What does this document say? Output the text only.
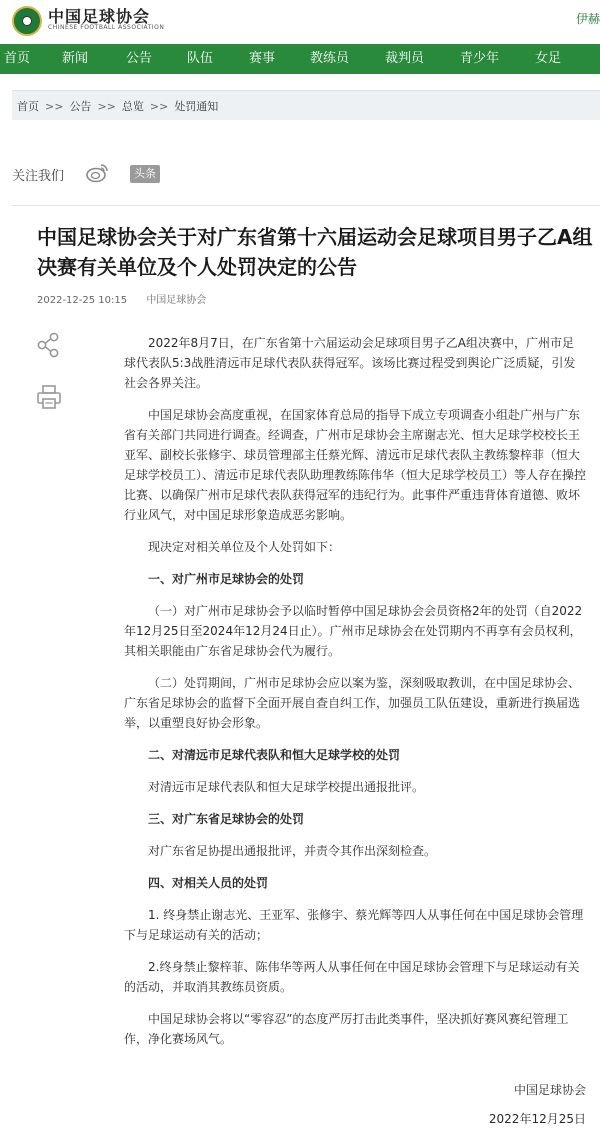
中国足球协会
CHINESE FOOTBALL ASSOCIATION
伊赫
首页 新闻	公告	队伍	赛事	教练员	裁判员	青少年	女足
首页 >> 公告 >> 总览 >> 处罚通知
关注我们	头条
中国足球协会关于对广东省第十六届运动会足球项目男子乙A组决赛有关单位及个人处罚决定的公告
2022-12-25 10:15 中国足球协会
2022年8月7日，在广东省第十六届运动会足球项目男子乙A组决赛中，广州市足球代表队5:3战胜清远市足球代表队获得冠军。该场比赛过程受到舆论广泛质疑，引发社会各界关注。
中国足球协会高度重视，在国家体育总局的指导下成立专项调查小组赴广州与广东省有关部门共同进行调查。经调查，广州市足球协会主席谢志光、恒大足球学校校长王亚军、副校长张修宇、球员管理部主任蔡光辉、清远市足球代表队主教练黎梓菲（恒大足球学校员工）、清远市足球代表队助理教练陈伟华（恒大足球学校员工）等人存在操控比赛、以确保广州市足球代表队获得冠军的违纪行为。此事件严重违背体育道德、败坏行业风气，对中国足球形象造成恶劣影响。
现决定对相关单位及个人处罚如下：
一、对广州市足球协会的处罚
（一）对广州市足球协会予以临时暂停中国足球协会会员资格2年的处罚（自2022年12月25日至2024年12月24日止）。广州市足球协会在处罚期内不再享有会员权利，其相关职能由广东省足球协会代为履行。
（二）处罚期间，广州市足球协会应以案为鉴，深刻吸取教训，在中国足球协会、广东省足球协会的监督下全面开展自查自纠工作，加强员工队伍建设，重新进行换届选举，以重塑良好协会形象。
二、对清远市足球代表队和恒大足球学校的处罚
对清远市足球代表队和恒大足球学校提出通报批评。
三、对广东省足球协会的处罚
对广东省足协提出通报批评，并责令其作出深刻检查。
四、对相关人员的处罚
1. 终身禁止谢志光、王亚军、张修宇、蔡光辉等四人从事任何在中国足球协会管理下与足球运动有关的活动；
2.终身禁止黎梓菲、陈伟华等两人从事任何在中国足球协会管理下与足球运动有关的活动，并取消其教练员资质。
中国足球协会将以“零容忍”的态度严厉打击此类事件，坚决抓好赛风赛纪管理工作，净化赛场风气。
中国足球协会
2022年12月25日
